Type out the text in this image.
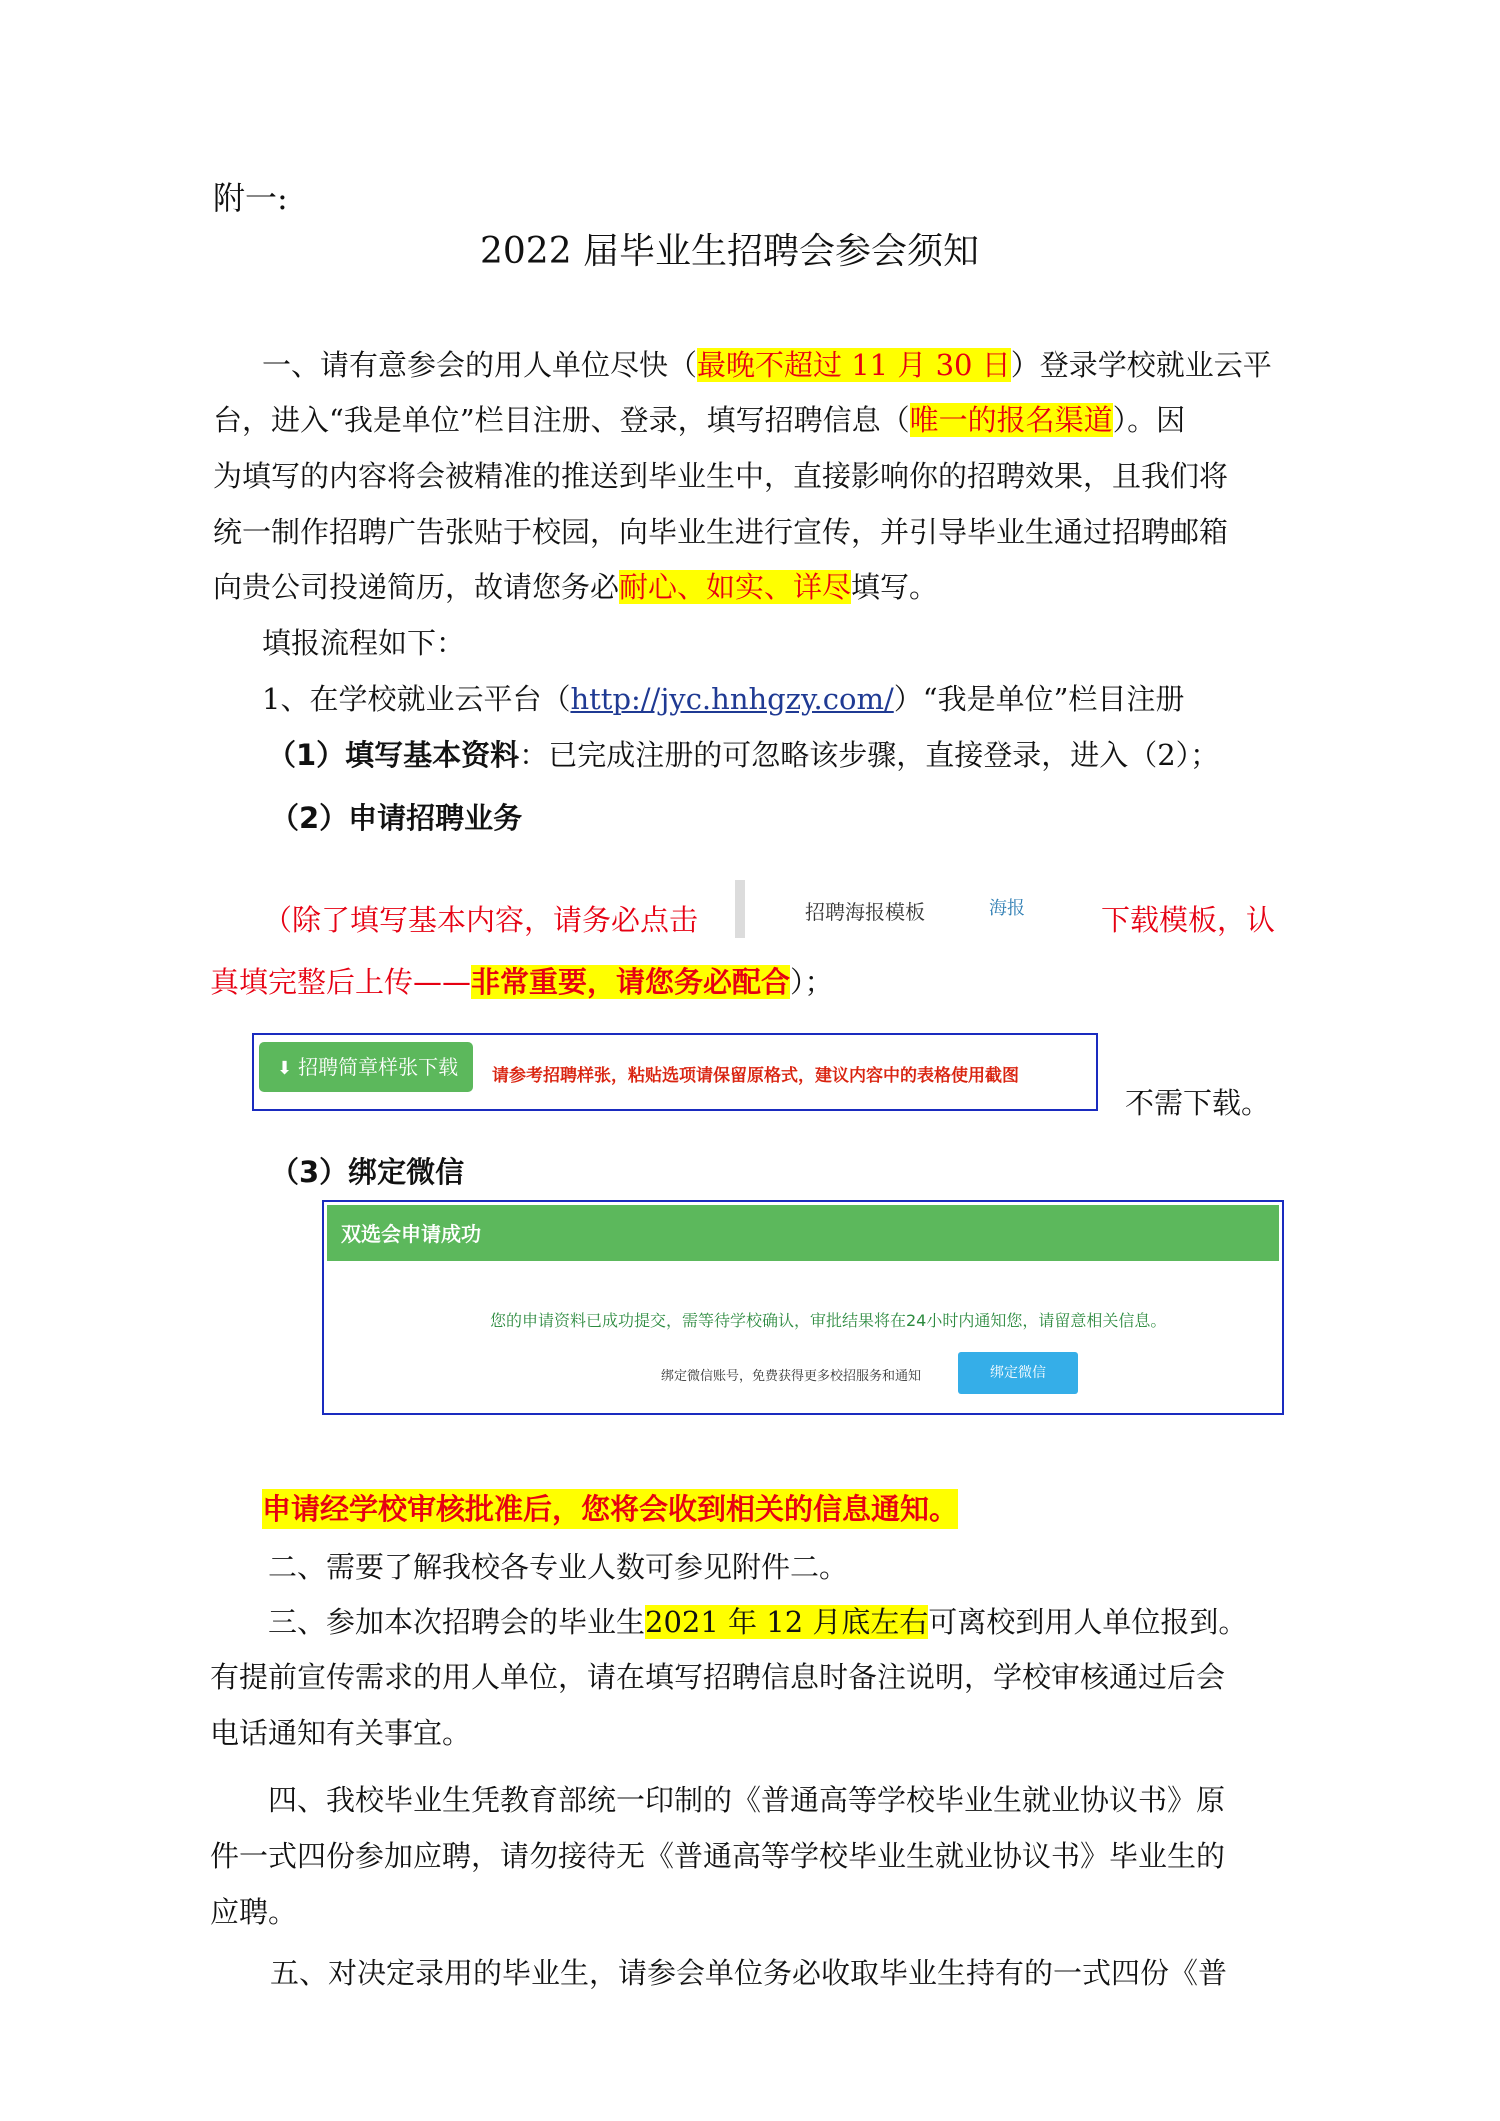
附一:
2022 届毕业生招聘会参会须知
一、请有意参会的用人单位尽快（最晚不超过 11 月 30 日）登录学校就业云平
台，进入“我是单位”栏目注册、登录，填写招聘信息（唯一的报名渠道）。因
为填写的内容将会被精准的推送到毕业生中，直接影响你的招聘效果，且我们将
统一制作招聘广告张贴于校园，向毕业生进行宣传，并引导毕业生通过招聘邮箱
向贵公司投递简历，故请您务必耐心、如实、详尽填写。
填报流程如下：
1、在学校就业云平台（http://jyc.hnhgzy.com/）“我是单位”栏目注册
（1）填写基本资料：已完成注册的可忽略该步骤，直接登录，进入（2）；
（2）申请招聘业务
（除了填写基本内容，请务必点击	招聘海报模板	海报	下载模板，认
真填完整后上传——非常重要，请您务必配合）；
⬇ 招聘简章样张下载	请参考招聘样张，粘贴选项请保留原格式，建议内容中的表格使用截图
不需下载。
（3）绑定微信
双选会申请成功
您的申请资料已成功提交，需等待学校确认，审批结果将在24小时内通知您，请留意相关信息。
绑定微信账号，免费获得更多校招服务和通知	绑定微信
申请经学校审核批准后，您将会收到相关的信息通知。
二、需要了解我校各专业人数可参见附件二。
三、参加本次招聘会的毕业生2021 年 12 月底左右可离校到用人单位报到。
有提前宣传需求的用人单位，请在填写招聘信息时备注说明，学校审核通过后会
电话通知有关事宜。
四、我校毕业生凭教育部统一印制的《普通高等学校毕业生就业协议书》原
件一式四份参加应聘，请勿接待无《普通高等学校毕业生就业协议书》毕业生的
应聘。
五、对决定录用的毕业生，请参会单位务必收取毕业生持有的一式四份《普
